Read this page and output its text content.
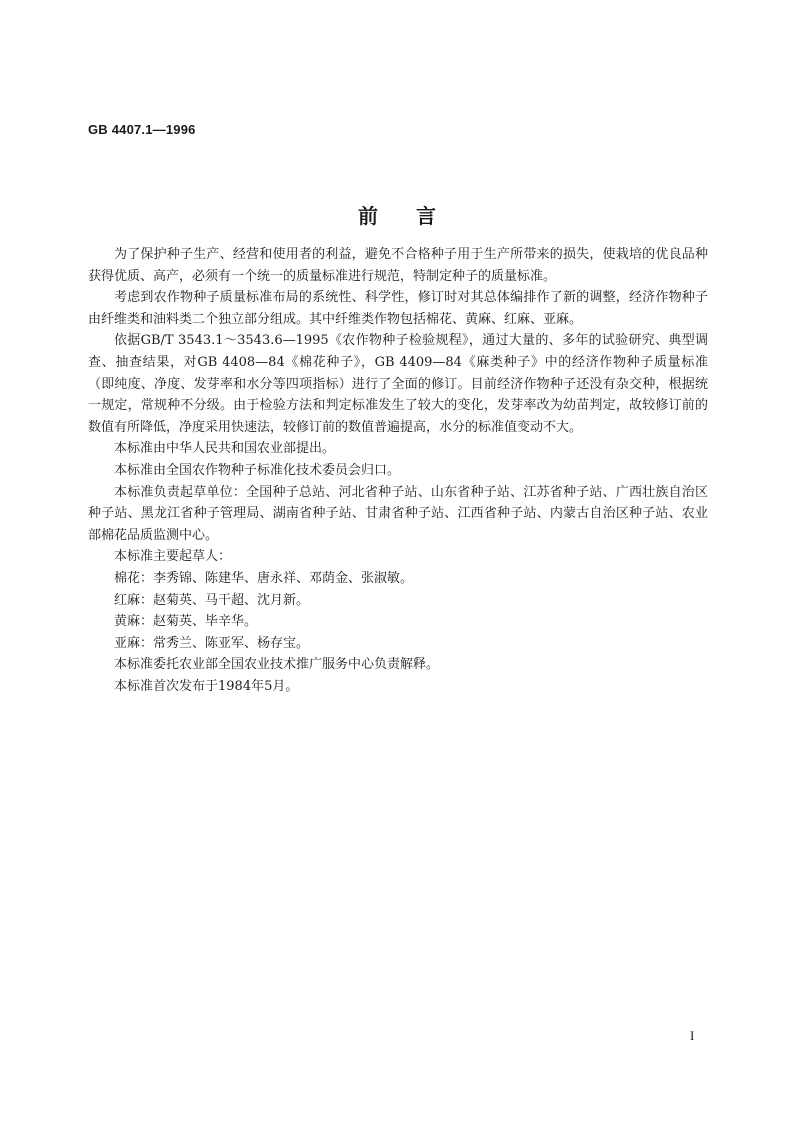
GB 4407.1—1996
前言

为了保护种子生产、经营和使用者的利益，避免不合格种子用于生产所带来的损失，使栽培的优良品种获得优质、高产，必须有一个统一的质量标准进行规范，特制定种子的质量标准。

考虑到农作物种子质量标准布局的系统性、科学性，修订时对其总体编排作了新的调整，经济作物种子由纤维类和油料类二个独立部分组成。其中纤维类作物包括棉花、黄麻、红麻、亚麻。

依据GB/T 3543.1～3543.6—1995《农作物种子检验规程》，通过大量的、多年的试验研究、典型调查、抽查结果，对GB 4408—84《棉花种子》，GB 4409—84《麻类种子》中的经济作物种子质量标准（即纯度、净度、发芽率和水分等四项指标）进行了全面的修订。目前经济作物种子还没有杂交种，根据统一规定，常规种不分级。由于检验方法和判定标准发生了较大的变化，发芽率改为幼苗判定，故较修订前的数值有所降低，净度采用快速法，较修订前的数值普遍提高，水分的标准值变动不大。

本标准由中华人民共和国农业部提出。

本标准由全国农作物种子标准化技术委员会归口。

本标准负责起草单位：全国种子总站、河北省种子站、山东省种子站、江苏省种子站、广西壮族自治区种子站、黑龙江省种子管理局、湖南省种子站、甘肃省种子站、江西省种子站、内蒙古自治区种子站、农业部棉花品质监测中心。

本标准主要起草人：

棉花：李秀锦、陈建华、唐永祥、邓荫金、张淑敏。

红麻：赵菊英、马干超、沈月新。

黄麻：赵菊英、毕辛华。

亚麻：常秀兰、陈亚军、杨存宝。

本标准委托农业部全国农业技术推广服务中心负责解释。

本标准首次发布于1984年5月。

I
